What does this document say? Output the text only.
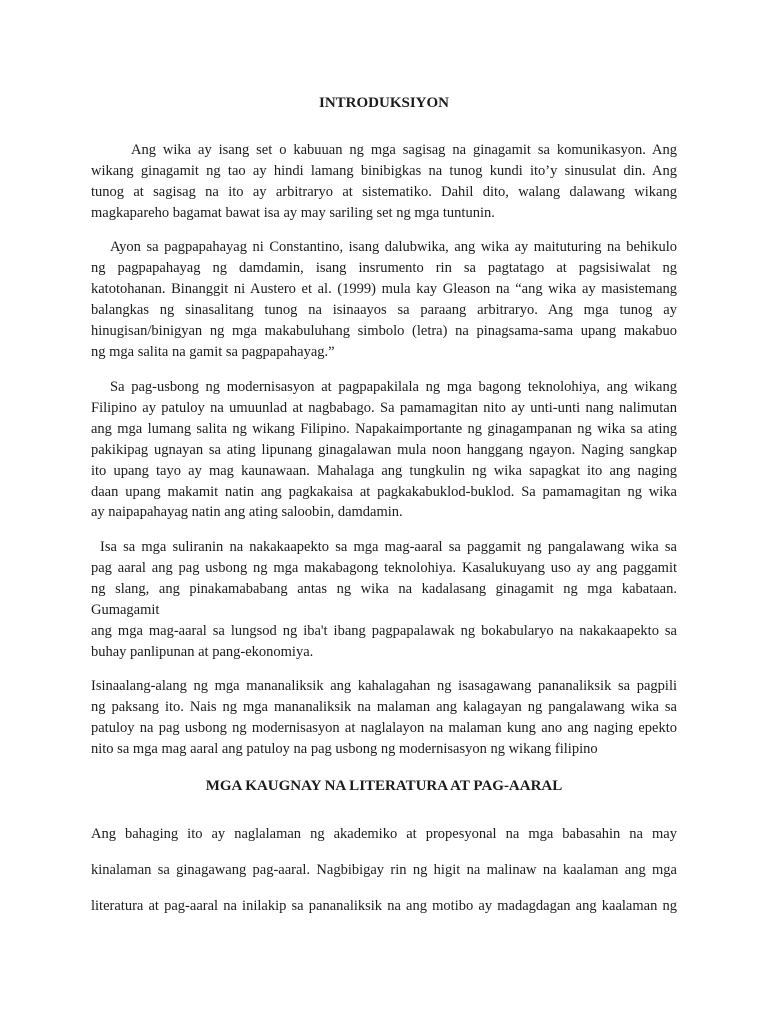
INTRODUKSIYON
Ang wika ay isang set o kabuuan ng mga sagisag na ginagamit sa komunikasyon. Ang
wikang ginagamit ng tao ay hindi lamang binibigkas na tunog kundi ito’y sinusulat din. Ang
tunog at sagisag na ito ay arbitraryo at sistematiko. Dahil dito, walang dalawang wikang
magkapareho bagamat bawat isa ay may sariling set ng mga tuntunin.
Ayon sa pagpapahayag ni Constantino, isang dalubwika, ang wika ay maituturing na behikulo
ng pagpapahayag ng damdamin, isang insrumento rin sa pagtatago at pagsisiwalat ng
katotohanan. Binanggit ni Austero et al. (1999) mula kay Gleason na “ang wika ay masistemang
balangkas ng sinasalitang tunog na isinaayos sa paraang arbitraryo. Ang mga tunog ay
hinugisan/binigyan ng mga makabuluhang simbolo (letra) na pinagsama-sama upang makabuo
ng mga salita na gamit sa pagpapahayag.”
Sa pag-usbong ng modernisasyon at pagpapakilala ng mga bagong teknolohiya, ang wikang
Filipino ay patuloy na umuunlad at nagbabago. Sa pamamagitan nito ay unti-unti nang nalimutan
ang mga lumang salita ng wikang Filipino. Napakaimportante ng ginagampanan ng wika sa ating
pakikipag ugnayan sa ating lipunang ginagalawan mula noon hanggang ngayon. Naging sangkap
ito upang tayo ay mag kaunawaan. Mahalaga ang tungkulin ng wika sapagkat ito ang naging
daan upang makamit natin ang pagkakaisa at pagkakabuklod-buklod. Sa pamamagitan ng wika
ay naipapahayag natin ang ating saloobin, damdamin.
Isa sa mga suliranin na nakakaapekto sa mga mag-aaral sa paggamit ng pangalawang wika sa
pag aaral ang pag usbong ng mga makabagong teknolohiya. Kasalukuyang uso ay ang paggamit
ng slang, ang pinakamababang antas ng wika na kadalasang ginagamit ng mga kabataan.
Gumagamit
ang mga mag-aaral sa lungsod ng iba't ibang pagpapalawak ng bokabularyo na nakakaapekto sa
buhay panlipunan at pang-ekonomiya.
Isinaalang-alang ng mga mananaliksik ang kahalagahan ng isasagawang pananaliksik sa pagpili
ng paksang ito. Nais ng mga mananaliksik na malaman ang kalagayan ng pangalawang wika sa
patuloy na pag usbong ng modernisasyon at naglalayon na malaman kung ano ang naging epekto
nito sa mga mag aaral ang patuloy na pag usbong ng modernisasyon ng wikang filipino
MGA KAUGNAY NA LITERATURA AT PAG-AARAL
Ang bahaging ito ay naglalaman ng akademiko at propesyonal na mga babasahin na may
kinalaman sa ginagawang pag-aaral. Nagbibigay rin ng higit na malinaw na kaalaman ang mga
literatura at pag-aaral na inilakip sa pananaliksik na ang motibo ay madagdagan ang kaalaman ng
